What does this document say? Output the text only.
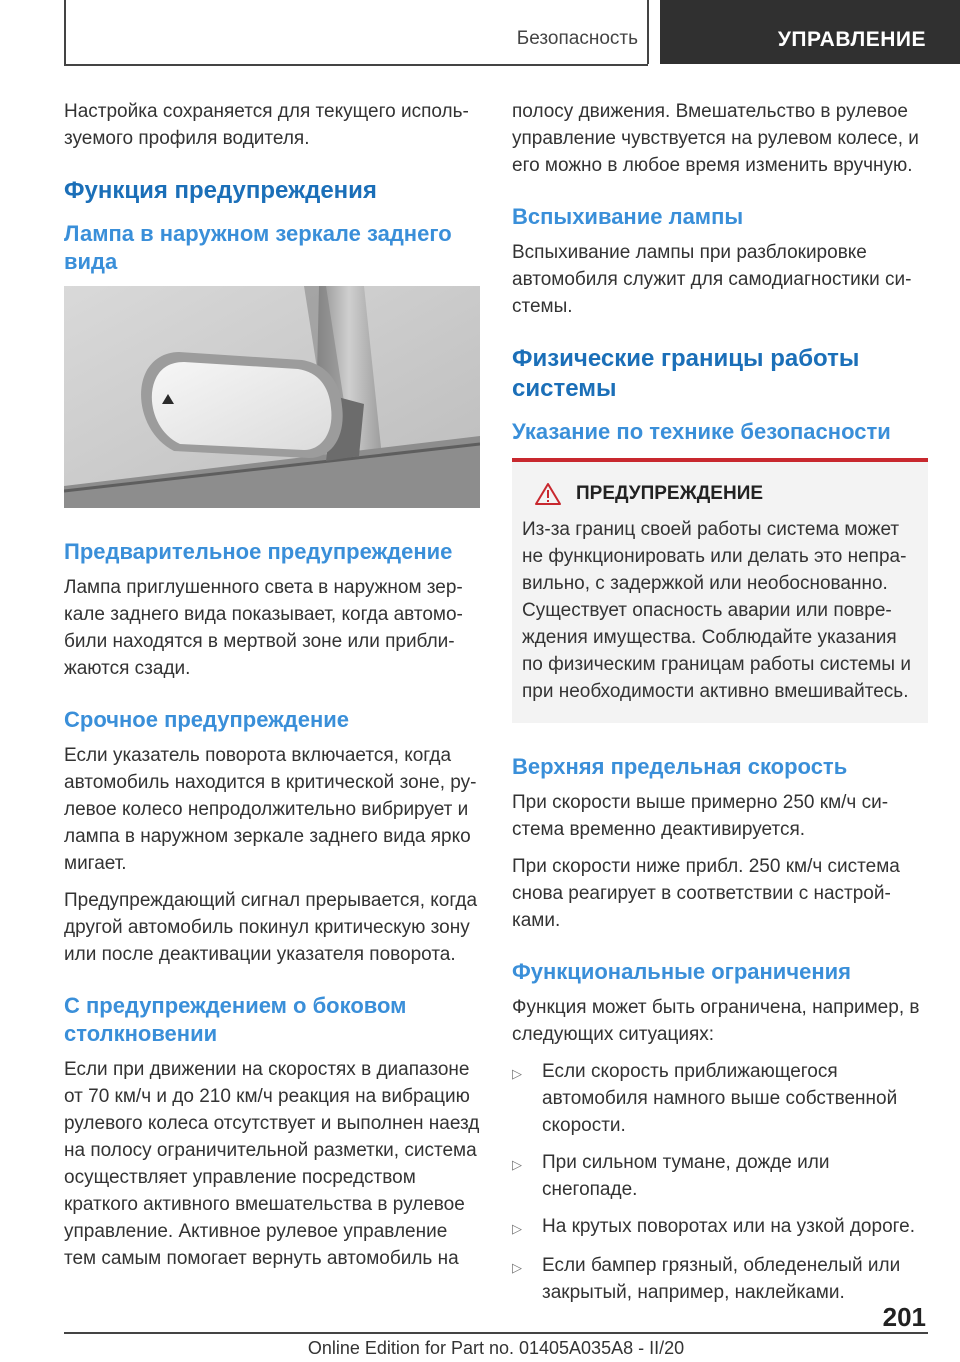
Безопасность	УПРАВЛЕНИЕ

Настройка сохраняется для текущего используемого профиля водителя.

Функция предупреждения
Лампа в наружном зеркале заднего вида
Предварительное предупреждение

Лампа приглушенного света в наружном зеркале заднего вида показывает, когда автомобили находятся в мертвой зоне или приближаются сзади.

Срочное предупреждение

Если указатель поворота включается, когда автомобиль находится в критической зоне, рулевое колесо непродолжительно вибрирует и лампа в наружном зеркале заднего вида ярко мигает.

Предупреждающий сигнал прерывается, когда другой автомобиль покинул критическую зону или после деактивации указателя поворота.

С предупреждением о боковом столкновении

Если при движении на скоростях в диапазоне от 70 км/ч и до 210 км/ч реакция на вибрацию рулевого колеса отсутствует и выполнен наезд на полосу ограничительной разметки, система осуществляет управление посредством краткого активного вмешательства в рулевое управление. Активное рулевое управление тем самым помогает вернуть автомобиль на

полосу движения. Вмешательство в рулевое управление чувствуется на рулевом колесе, и его можно в любое время изменить вручную.

Вспыхивание лампы

Вспыхивание лампы при разблокировке автомобиля служит для самодиагностики системы.

Физические границы работы системы
Указание по технике безопасности
ПРЕДУПРЕЖДЕНИЕ

Из-за границ своей работы система может не функционировать или делать это неправильно, с задержкой или необоснованно. Существует опасность аварии или повреждения имущества. Соблюдайте указания по физическим границам работы системы и при необходимости активно вмешивайтесь.

Верхняя предельная скорость

При скорости выше примерно 250 км/ч система временно деактивируется.

При скорости ниже прибл. 250 км/ч система снова реагирует в соответствии с настройками.

Функциональные ограничения

Функция может быть ограничена, например, в следующих ситуациях:

▷	Если скорость приближающегося автомобиля намного выше собственной скорости.
▷	При сильном тумане, дожде или снегопаде.
▷	На крутых поворотах или на узкой дороге.
▷	Если бампер грязный, обледенелый или закрытый, например, наклейками.
201
Online Edition for Part no. 01405A035A8 - II/20
